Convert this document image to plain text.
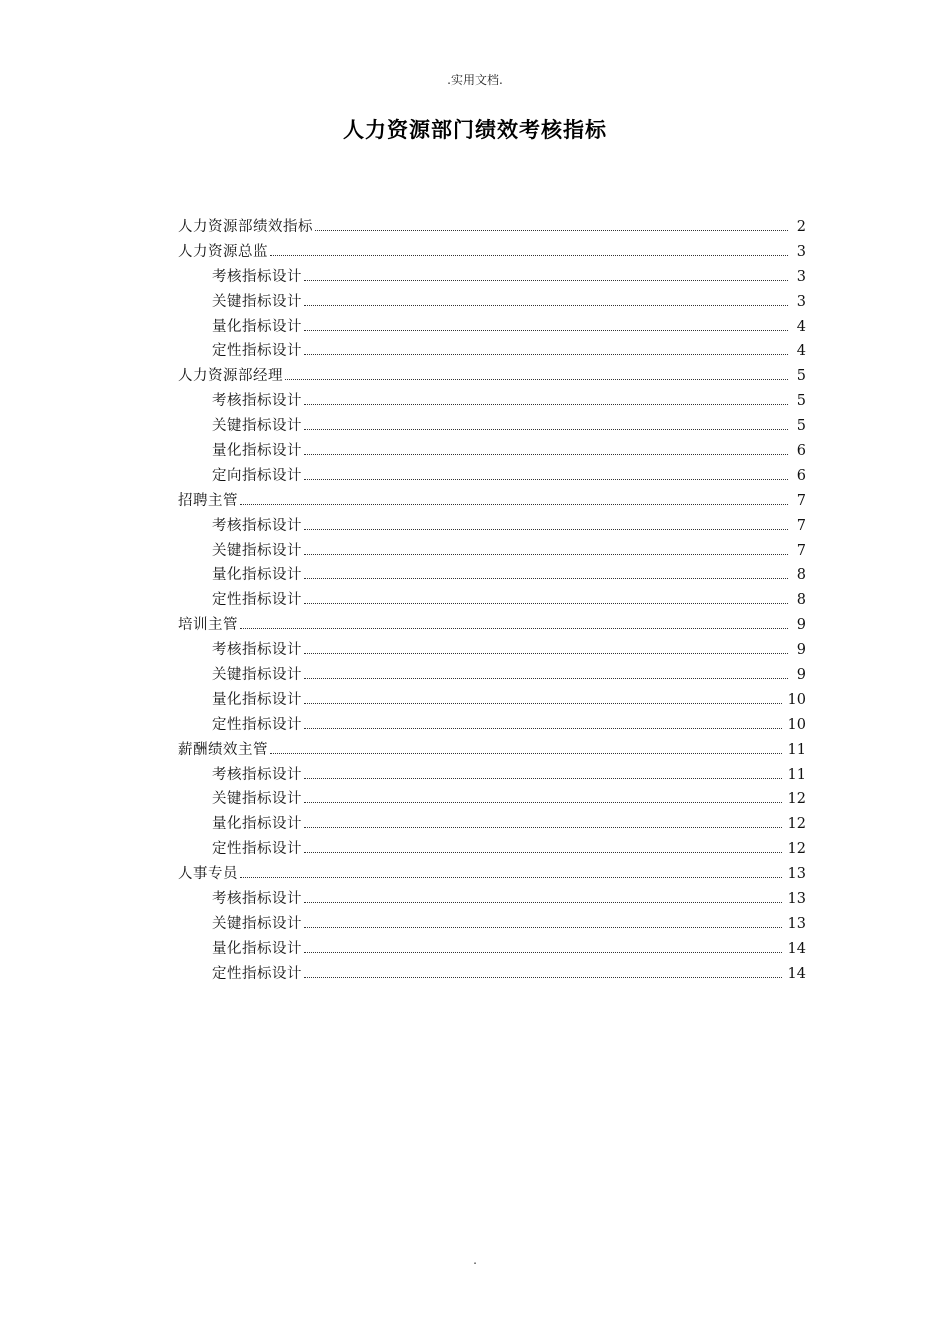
.实用文档.
人力资源部门绩效考核指标
人力资源部绩效指标	2
人力资源总监	3
考核指标设计	3
关键指标设计	3
量化指标设计	4
定性指标设计	4
人力资源部经理	5
考核指标设计	5
关键指标设计	5
量化指标设计	6
定向指标设计	6
招聘主管	7
考核指标设计	7
关键指标设计	7
量化指标设计	8
定性指标设计	8
培训主管	9
考核指标设计	9
关键指标设计	9
量化指标设计	10
定性指标设计	10
薪酬绩效主管	11
考核指标设计	11
关键指标设计	12
量化指标设计	12
定性指标设计	12
人事专员	13
考核指标设计	13
关键指标设计	13
量化指标设计	14
定性指标设计	14
.
